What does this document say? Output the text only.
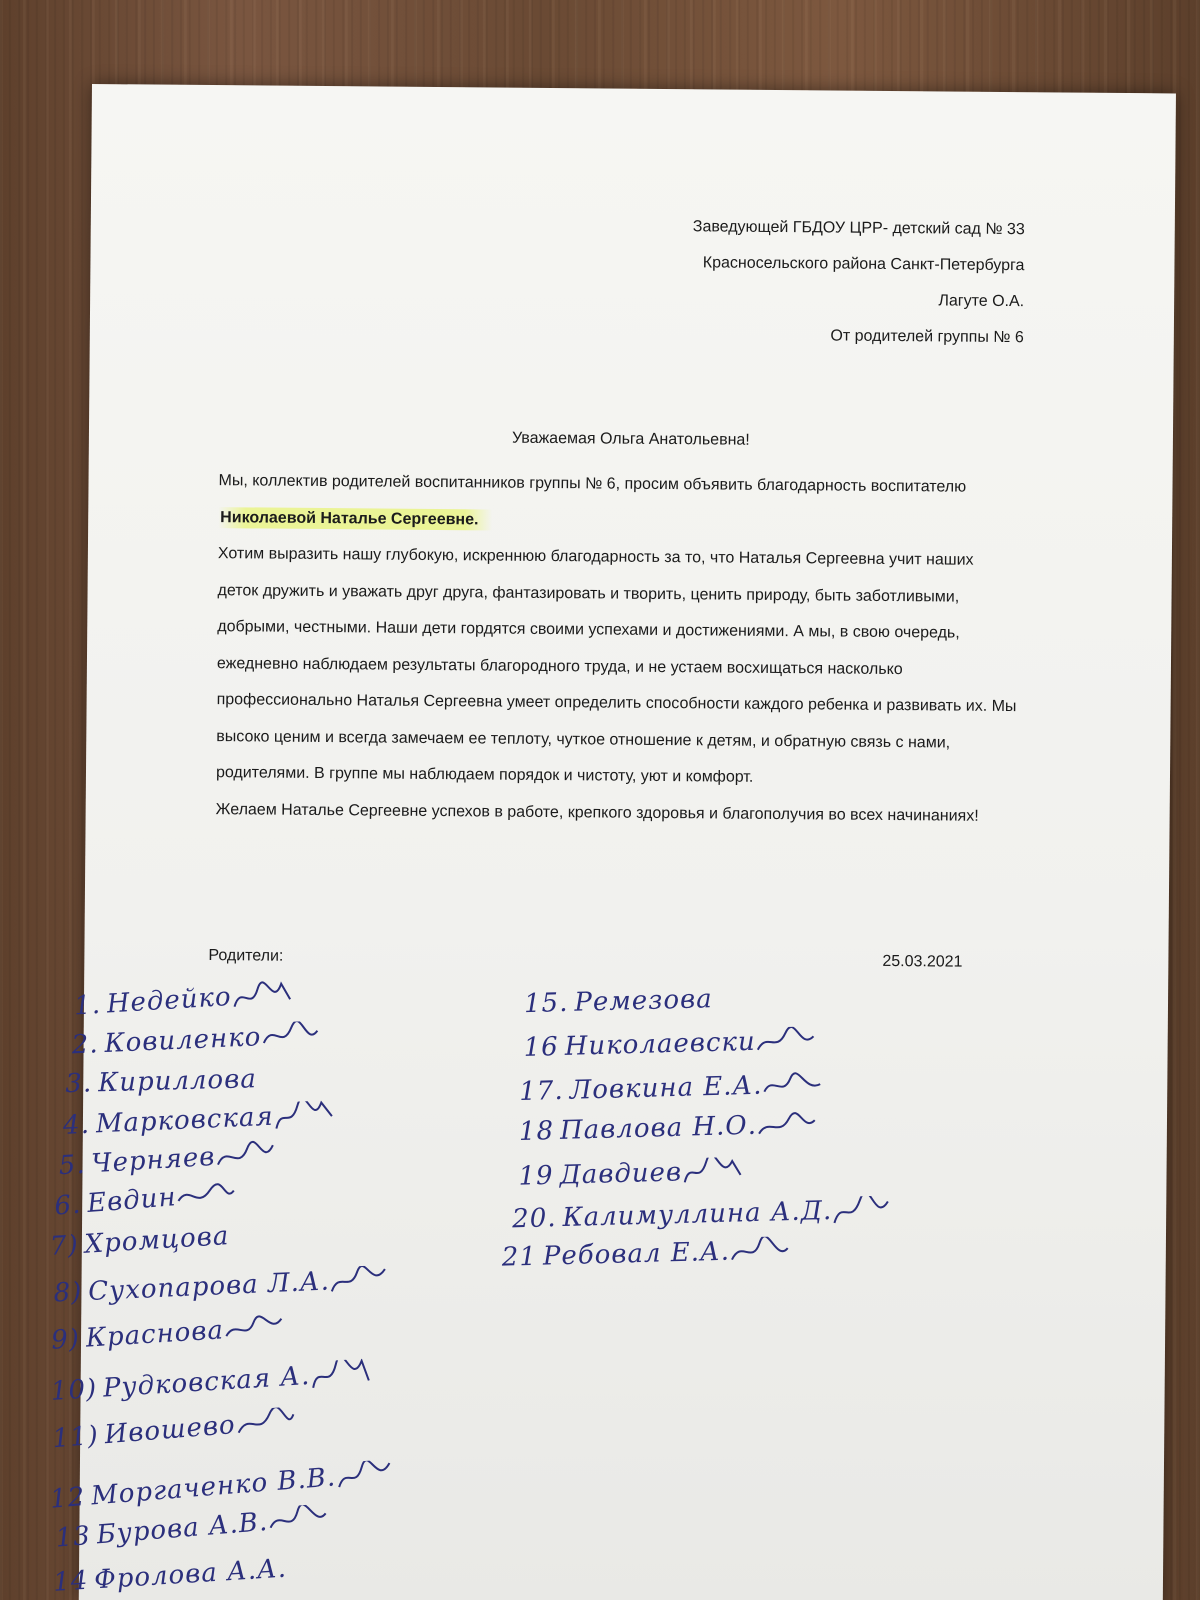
Заведующей ГБДОУ ЦРР- детский сад № 33
Красносельского района Санкт-Петербурга
Лагуте О.А.
От родителей группы № 6
Уважаемая Ольга Анатольевна!

Мы, коллектив родителей воспитанников группы № 6, просим объявить благодарность воспитателю Николаевой Наталье Сергеевне.

Хотим выразить нашу глубокую, искреннюю благодарность за то, что Наталья Сергеевна учит наших деток дружить и уважать друг друга, фантазировать и творить, ценить природу, быть заботливыми, добрыми, честными. Наши дети гордятся своими успехами и достижениями. А мы, в свою очередь, ежедневно наблюдаем результаты благородного труда, и не устаем восхищаться насколько профессионально Наталья Сергеевна умеет определить способности каждого ребенка и развивать их. Мы высоко ценим и всегда замечаем ее теплоту, чуткое отношение к детям, и обратную связь с нами, родителями. В группе мы наблюдаем порядок и чистоту, уют и комфорт.

Желаем Наталье Сергеевне успехов в работе, крепкого здоровья и благополучия во всех начинаниях!

Родители:	25.03.2021
1. Недейко
2. Ковиленко
3. Кириллова
4. Марковская
5. Черняев
6. Евдин
7) Хромцова
8) Сухопарова Л.А.
9) Краснова
10) Рудковская А.
11) Ивошево
12 Моргаченко В.В.
13 Бурова А.В.
14 Фролова А.А.
15. Ремезова
16 Николаевски
17. Ловкина Е.А.
18 Павлова Н.О.
19 Давдиев
20. Калимуллина А.Д.
21 Ребовал Е.А.
